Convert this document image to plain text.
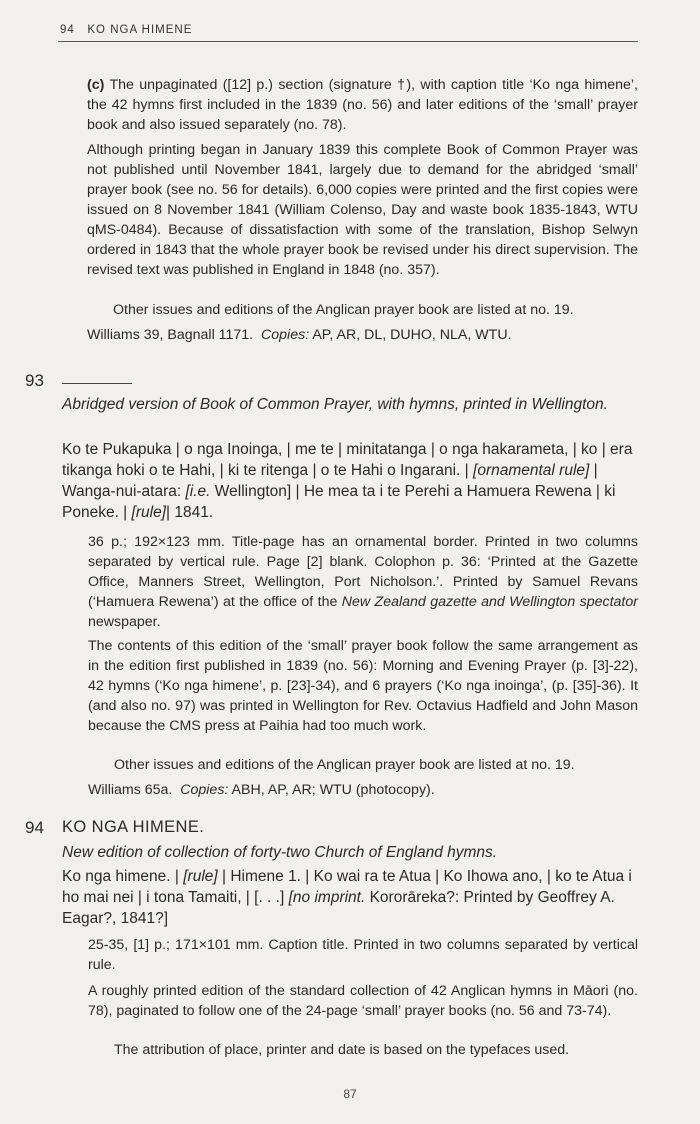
94 KO NGA HIMENE

(c) The unpaginated ([12] p.) section (signature †), with caption title ‘Ko nga himene’, the 42 hymns first included in the 1839 (no. 56) and later editions of the ‘small’ prayer book and also issued separately (no. 78).

Although printing began in January 1839 this complete Book of Common Prayer was not published until November 1841, largely due to demand for the abridged ‘small’ prayer book (see no. 56 for details). 6,000 copies were printed and the first copies were issued on 8 November 1841 (William Colenso, Day and waste book 1835-1843, WTU qMS-0484). Because of dissatisfaction with some of the translation, Bishop Selwyn ordered in 1843 that the whole prayer book be revised under his direct supervision. The revised text was published in England in 1848 (no. 357).

Other issues and editions of the Anglican prayer book are listed at no. 19.

Williams 39, Bagnall 1171. Copies: AP, AR, DL, DUHO, NLA, WTU.

93
Abridged version of Book of Common Prayer, with hymns, printed in Wellington.
Ko te Pukapuka | o nga Inoinga, | me te | minitatanga | o nga hakarameta, | ko | era tikanga hoki o te Hahi, | ki te ritenga | o te Hahi o Ingarani. | [ornamental rule] | Wanga-nui-atara: [i.e. Wellington] | He mea ta i te Perehi a Hamuera Rewena | ki Poneke. | [rule]| 1841.

36 p.; 192×123 mm. Title-page has an ornamental border. Printed in two columns separated by vertical rule. Page [2] blank. Colophon p. 36: ‘Printed at the Gazette Office, Manners Street, Wellington, Port Nicholson.’. Printed by Samuel Revans (‘Hamuera Rewena’) at the office of the New Zealand gazette and Wellington spectator newspaper.

The contents of this edition of the ‘small’ prayer book follow the same arrangement as in the edition first published in 1839 (no. 56): Morning and Evening Prayer (p. [3]-22), 42 hymns (‘Ko nga himene’, p. [23]-34), and 6 prayers (‘Ko nga inoinga’, (p. [35]-36). It (and also no. 97) was printed in Wellington for Rev. Octavius Hadfield and John Mason because the CMS press at Paihia had too much work.

Other issues and editions of the Anglican prayer book are listed at no. 19.

Williams 65a. Copies: ABH, AP, AR; WTU (photocopy).

94 KO NGA HIMENE.
New edition of collection of forty-two Church of England hymns.
Ko nga himene. | [rule] | Himene 1. | Ko wai ra te Atua | Ko Ihowa ano, | ko te Atua i ho mai nei | i tona Tamaiti, | [. . .] [no imprint. Kororāreka?: Printed by Geoffrey A. Eagar?, 1841?]

25-35, [1] p.; 171×101 mm. Caption title. Printed in two columns separated by vertical rule.

A roughly printed edition of the standard collection of 42 Anglican hymns in Māori (no. 78), paginated to follow one of the 24-page ‘small’ prayer books (no. 56 and 73-74).

The attribution of place, printer and date is based on the typefaces used.

87
